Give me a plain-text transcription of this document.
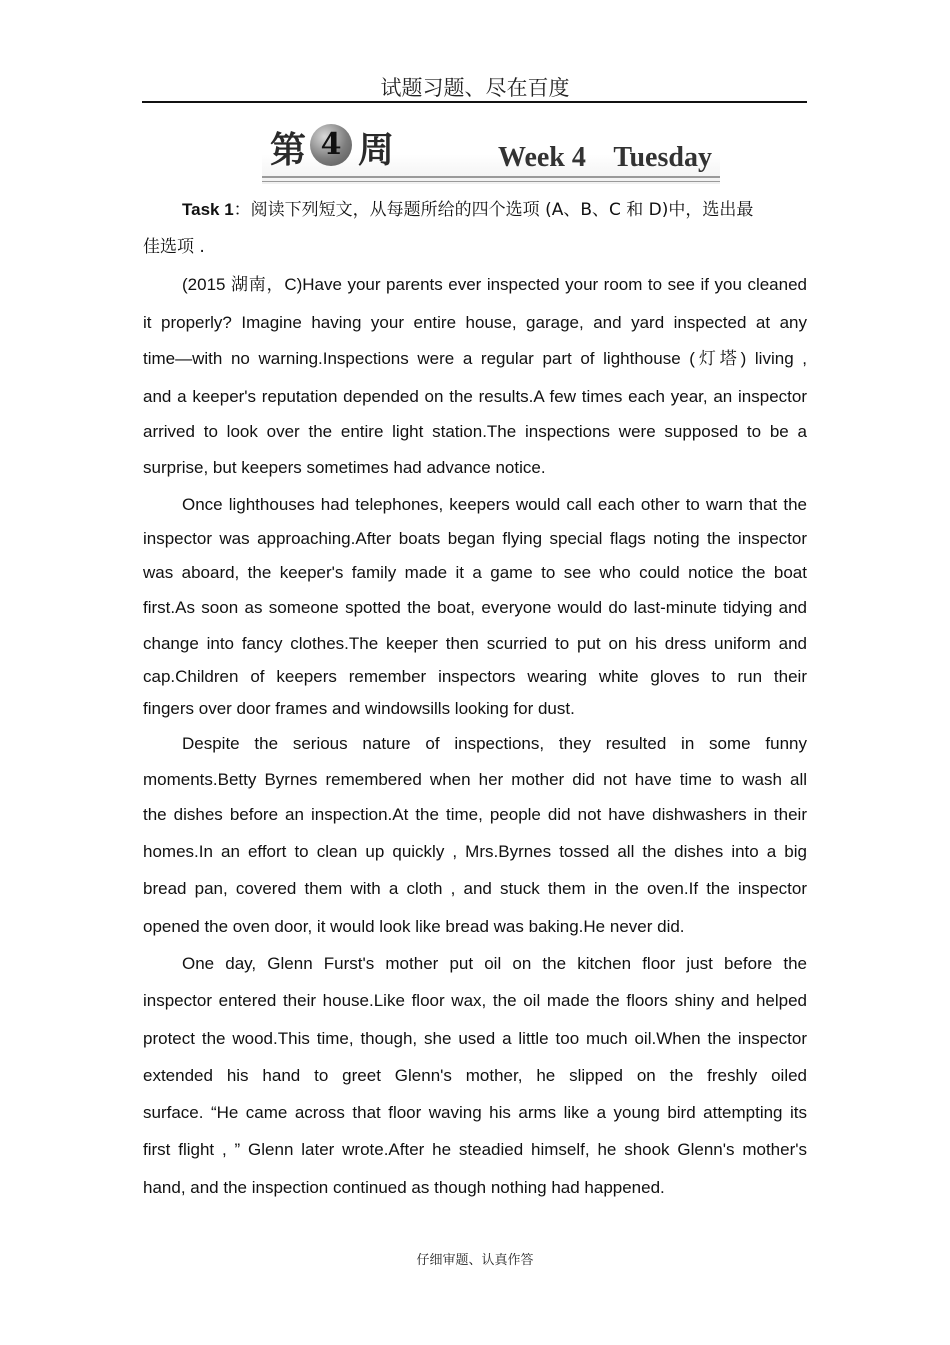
试题习题、尽在百度
第 4 周	Week 4    Tuesday
Task 1：阅读下列短文，从每题所给的四个选项 (A、B、C 和 D)中，选出最
佳选项 .
(2015 湖南，C)Have your parents ever inspected your room to see if you cleaned
it properly? Imagine having your entire house, garage, and yard inspected at any
time—with no warning.Inspections were a regular part of lighthouse (灯塔) living ,
and a keeper's reputation depended on the results.A few times each year, an inspector
arrived to look over the entire light station.The inspections were supposed to be a
surprise, but keepers sometimes had advance notice.
Once lighthouses had telephones, keepers would call each other to warn that the
inspector was approaching.After boats began flying special flags noting the inspector
was aboard, the keeper's family made it a game to see who could notice the boat
first.As soon as someone spotted the boat, everyone would do last-minute tidying and
change into fancy clothes.The keeper then scurried to put on his dress uniform and
cap.Children of keepers remember inspectors wearing white gloves to run their
fingers over door frames and windowsills looking for dust.
Despite the serious nature of inspections, they resulted in some funny
moments.Betty Byrnes remembered when her mother did not have time to wash all
the dishes before an inspection.At the time, people did not have dishwashers in their
homes.In an effort to clean up quickly , Mrs.Byrnes tossed all the dishes into a big
bread pan, covered them with a cloth , and stuck them in the oven.If the inspector
opened the oven door, it would look like bread was baking.He never did.
One day, Glenn Furst's mother put oil on the kitchen floor just before the
inspector entered their house.Like floor wax, the oil made the floors shiny and helped
protect the wood.This time, though, she used a little too much oil.When the inspector
extended his hand to greet Glenn's mother, he slipped on the freshly oiled
surface. “He came across that floor waving his arms like a young bird attempting its
first flight , ” Glenn later wrote.After he steadied himself, he shook Glenn's mother's
hand, and the inspection continued as though nothing had happened.
仔细审题、认真作答
